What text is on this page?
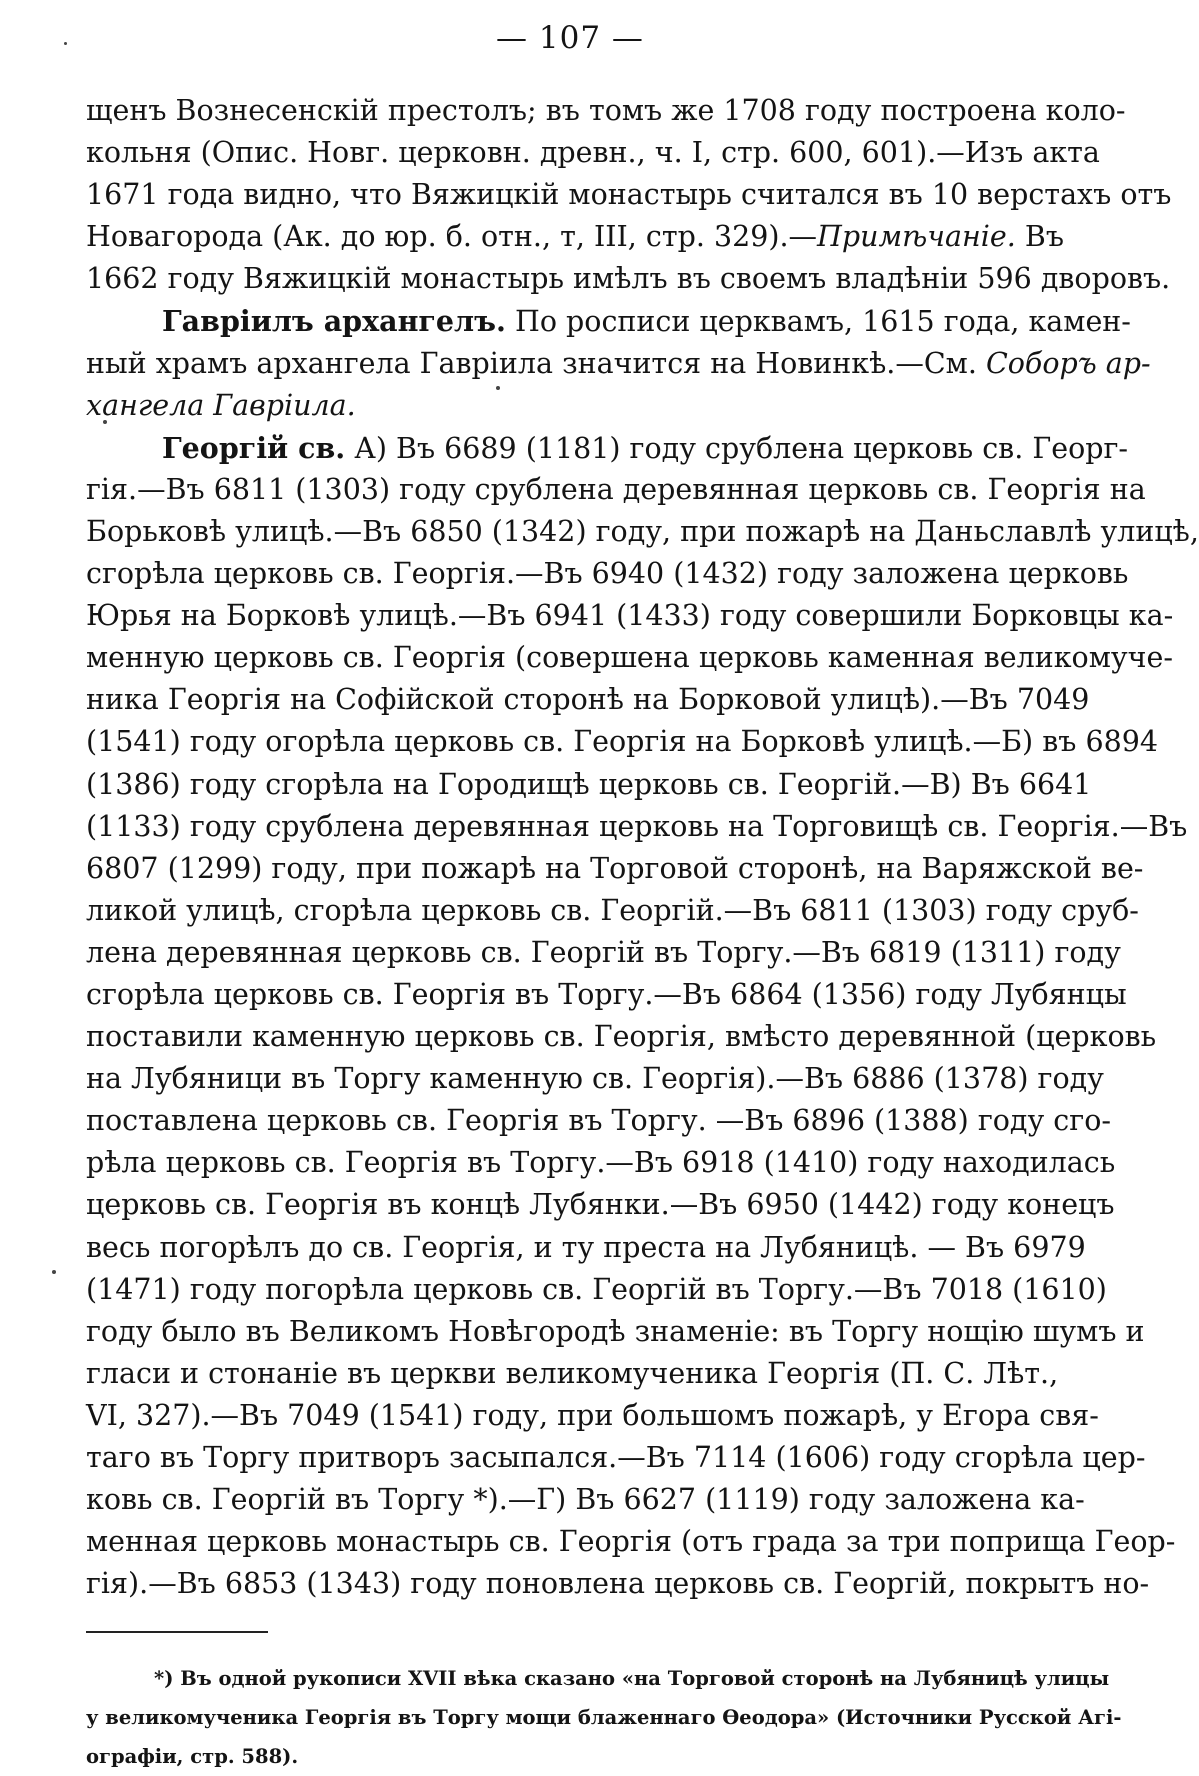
— 107 —
щенъ Вознесенскій престолъ; въ томъ же 1708 году построена коло-
кольня (Опис. Новг. церковн. древн., ч. I, стр. 600, 601).—Изъ акта
1671 года видно, что Вяжицкій монастырь считался въ 10 верстахъ отъ
Новагорода (Ак. до юр. б. отн., т, III, стр. 329).—Примѣчаніе. Въ
1662 году Вяжицкій монастырь имѣлъ въ своемъ владѣніи 596 дворовъ.
Гавріилъ архангелъ. По росписи церквамъ, 1615 года, камен-
ный храмъ архангела Гавріила значится на Новинкѣ.—См. Соборъ ар-
хангела Гавріила.
Георгій св. А) Въ 6689 (1181) году срублена церковь св. Георг-
гія.—Въ 6811 (1303) году срублена деревянная церковь св. Георгія на
Борьковѣ улицѣ.—Въ 6850 (1342) году, при пожарѣ на Даньславлѣ улицѣ,
сгорѣла церковь св. Георгія.—Въ 6940 (1432) году заложена церковь
Юрья на Борковѣ улицѣ.—Въ 6941 (1433) году совершили Борковцы ка-
менную церковь св. Георгія (совершена церковь каменная великомуче-
ника Георгія на Софійской сторонѣ на Борковой улицѣ).—Въ 7049
(1541) году огорѣла церковь св. Георгія на Борковѣ улицѣ.—Б) въ 6894
(1386) году сгорѣла на Городищѣ церковь св. Георгій.—В) Въ 6641
(1133) году срублена деревянная церковь на Торговищѣ св. Георгія.—Въ
6807 (1299) году, при пожарѣ на Торговой сторонѣ, на Варяжской ве-
ликой улицѣ, сгорѣла церковь св. Георгій.—Въ 6811 (1303) году сруб-
лена деревянная церковь св. Георгій въ Торгу.—Въ 6819 (1311) году
сгорѣла церковь св. Георгія въ Торгу.—Въ 6864 (1356) году Лубянцы
поставили каменную церковь св. Георгія, вмѣсто деревянной (церковь
на Лубяници въ Торгу каменную св. Георгія).—Въ 6886 (1378) году
поставлена церковь св. Георгія въ Торгу. —Въ 6896 (1388) году сго-
рѣла церковь св. Георгія въ Торгу.—Въ 6918 (1410) году находилась
церковь св. Георгія въ концѣ Лубянки.—Въ 6950 (1442) году конецъ
весь погорѣлъ до св. Георгія, и ту преста на Лубяницѣ. — Въ 6979
(1471) году погорѣла церковь св. Георгій въ Торгу.—Въ 7018 (1610)
году было въ Великомъ Новѣгородѣ знаменіе: въ Торгу нощію шумъ и
гласи и стонаніе въ церкви великомученика Георгія (П. С. Лѣт.,
VI, 327).—Въ 7049 (1541) году, при большомъ пожарѣ, у Егора свя-
таго въ Торгу притворъ засыпался.—Въ 7114 (1606) году сгорѣла цер-
ковь св. Георгій въ Торгу *).—Г) Въ 6627 (1119) году заложена ка-
менная церковь монастырь св. Георгія (отъ града за три поприща Геор-
гія).—Въ 6853 (1343) году поновлена церковь св. Георгій, покрытъ но-
*) Въ одной рукописи XVII вѣка сказано «на Торговой сторонѣ на Лубяницѣ улицы
у великомученика Георгія въ Торгу мощи блаженнаго Ѳеодора» (Источники Русской Агі-
ографіи, стр. 588).
